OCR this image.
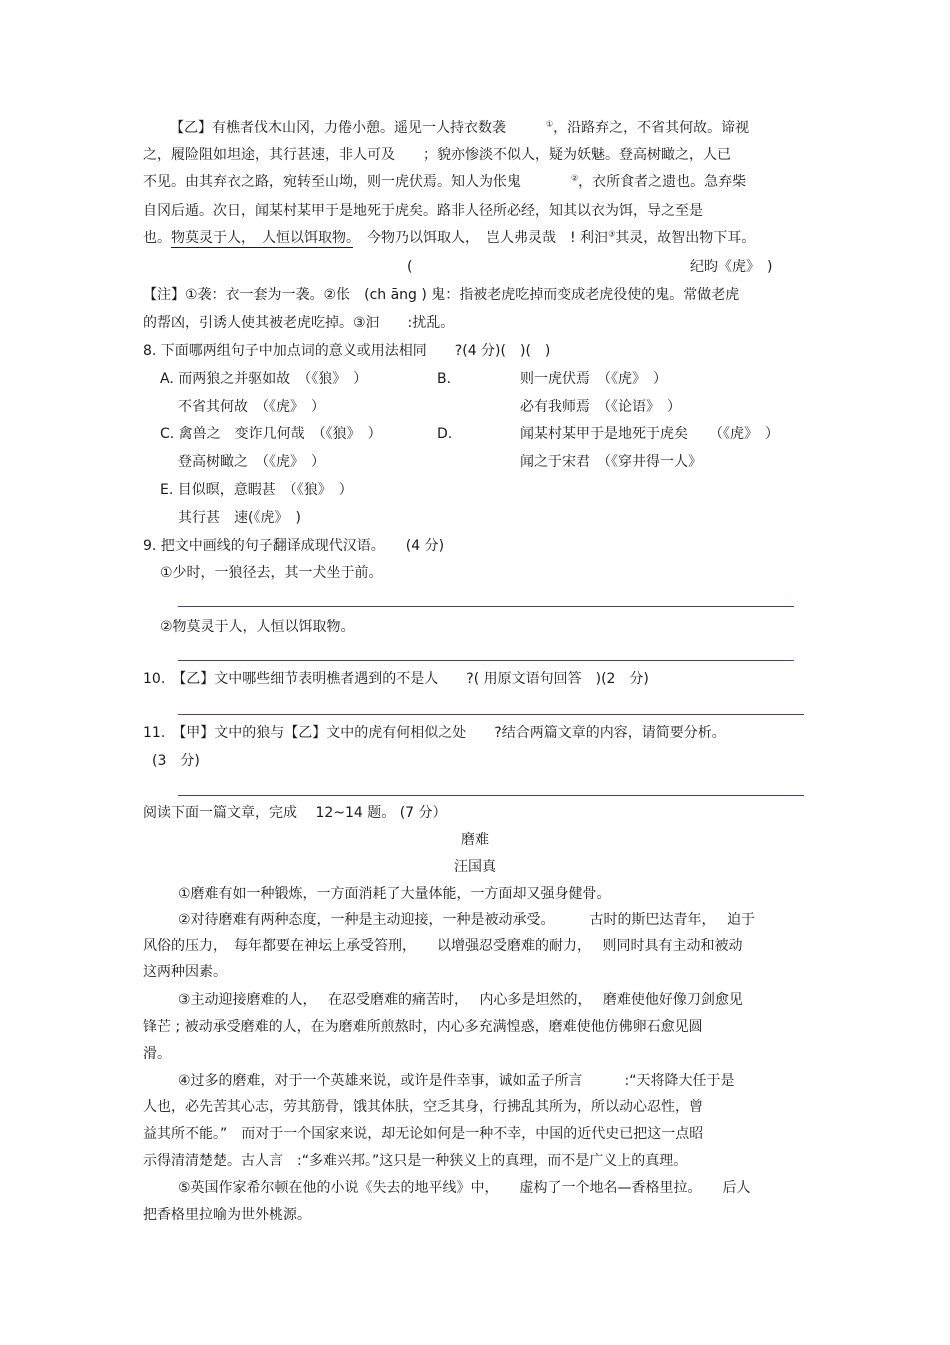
【乙】有樵者伐木山冈，力倦小憩。遥见一人持衣数袭	①，沿路弃之，不省其何故。谛视
之，履险阻如坦途，其行甚速，非人可及　　；貌亦惨淡不似人，疑为妖魅。登高树瞰之，人已
不见。由其弃衣之路，宛转至山坳，则一虎伏焉。知人为伥鬼	②，衣所食者之遗也。急弃柴
自冈后遁。次日，闻某村某甲于是地死于虎矣。路非人径所必经，知其以衣为饵，导之至是
也。物莫灵于人，　人恒以饵取物。　今物乃以饵取人，　岂人弗灵哉　! 利汩③其灵，故智出物下耳。
(	纪昀《虎》　)
【注】①袭：衣一套为一袭。②伥　(ch āng ) 鬼：指被老虎吃掉而变成老虎役使的鬼。常做老虎
的帮凶，引诱人使其被老虎吃掉。③汩　　:扰乱。
8. 下面哪两组句子中加点词的意义或用法相同　　?(4 分)(　)(　)
A. 而两狼之并驱如故　 （《狼》　）	B.	则一虎伏焉　 （《虎》　）
不省其何故　 （《虎》　）	必有我师焉　 （《论语》　）
C. 禽兽之　变诈几何哉　 （《狼》　）	D.	闻某村某甲于是地死于虎矣　　 （《虎》　）
登高树瞰之　 （《虎》　）	闻之于宋君　 （《穿井得一人》
E. 目似暝，意暇甚　 （《狼》　）
其行甚　速(《虎》　)
9. 把文中画线的句子翻译成现代汉语。　　(4 分)
①少时，一狼径去，其一犬坐于前。
②物莫灵于人，人恒以饵取物。
10.　【乙】文中哪些细节表明樵者遇到的不是人　　?( 用原文语句回答　)(2　分)
11.　【甲】文中的狼与【乙】文中的虎有何相似之处　　?结合两篇文章的内容，请简要分析。
(3　分)
阅读下面一篇文章，完成　 12~14 题。 (7 分）
磨难
汪国真
①磨难有如一种锻炼，一方面消耗了大量体能，一方面却又强身健骨。
②对待磨难有两种态度，一种是主动迎接，一种是被动承受。　　　古时的斯巴达青年，　 迫于
风俗的压力，　每年都要在神坛上承受笞刑，　　以增强忍受磨难的耐力，　 则同时具有主动和被动
这两种因素。
③主动迎接磨难的人，　 在忍受磨难的痛苦时，　 内心多是坦然的，　 磨难使他好像刀剑愈见
锋芒 ; 被动承受磨难的人，在为磨难所煎熬时，内心多充满惶惑，磨难使他仿佛卵石愈见圆
滑。
④过多的磨难，对于一个英雄来说，或许是件幸事，诚如孟子所言　　　:“天将降大任于是
人也，必先苦其心志，劳其筋骨，饿其体肤，空乏其身，行拂乱其所为，所以动心忍性，曾
益其所不能。”　而对于一个国家来说，却无论如何是一种不幸，中国的近代史已把这一点昭
示得清清楚楚。古人言　:“多难兴邦。”这只是一种狭义上的真理，而不是广义上的真理。
⑤英国作家希尔顿在他的小说《失去的地平线》中，　　虚构了一个地名—香格里拉。　　后人
把香格里拉喻为世外桃源。
